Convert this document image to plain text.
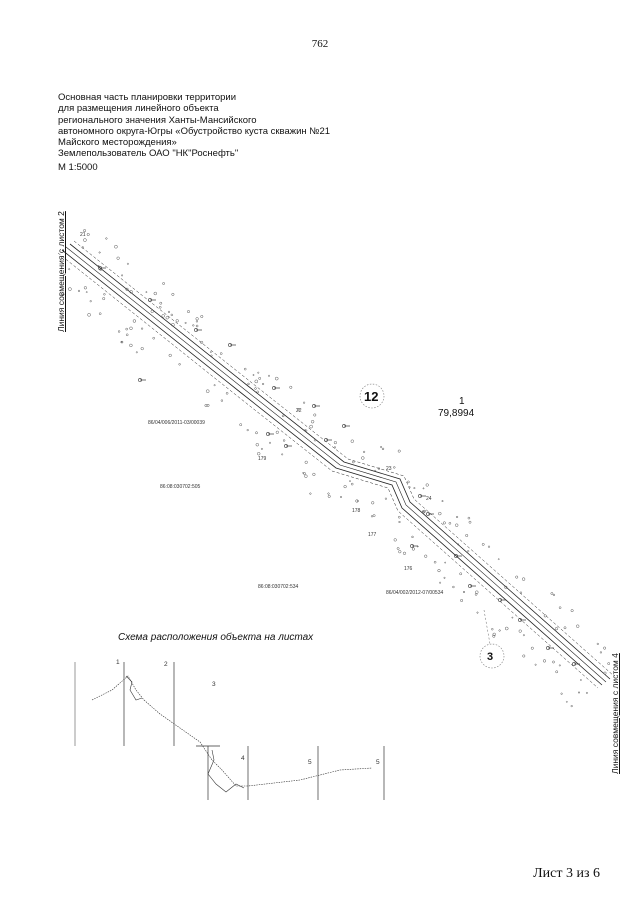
762
Основная часть планировки территории
для размещения линейного объекта
регионального значения Ханты-Мансийского
автономного округа-Югры «Обустройство куста скважин №21
Майского месторождения»
Землепользователь ОАО "НК"Роснефть"
М 1:5000
Линия совмещения с листом 2
Линия совмещения с листом 4
86/04/006/2011-03/00039
86:08:030702:505
86:08:030702:534
86/04/002/2012-07/00534
21
22
23
24
176
177
178
179
12	1
79,8994
3
1	2
3
4
5	5
Схема расположения объекта на листах
Лист 3 из 6
